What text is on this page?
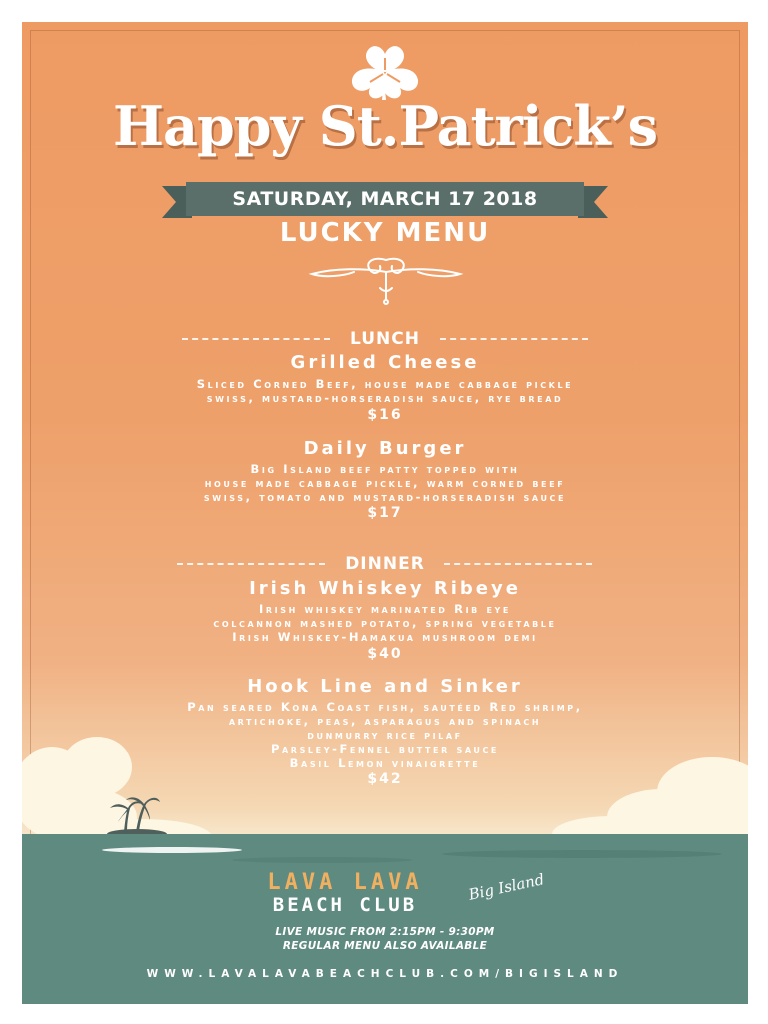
Happy St.Patrick’s
SATURDAY, MARCH 17 2018
LUCKY MENU
LUNCH
Grilled Cheese
Sliced Corned Beef, house made cabbage pickle
swiss, mustard-horseradish sauce, rye bread
$16
Daily Burger
Big Island beef patty topped with
house made cabbage pickle, warm corned beef
swiss, tomato and mustard-horseradish sauce
$17
DINNER
Irish Whiskey Ribeye
Irish whiskey marinated Rib eye
colcannon mashed potato, spring vegetable
Irish Whiskey-Hamakua mushroom demi
$40
Hook Line and Sinker
Pan seared Kona Coast fish, sautéed Red shrimp,
artichoke, peas, asparagus and spinach
dunmurry rice pilaf
Parsley-Fennel butter sauce
Basil Lemon vinaigrette
$42
LAVA LAVA
BEACH CLUB
Big Island
LIVE MUSIC FROM 2:15PM - 9:30PM
REGULAR MENU ALSO AVAILABLE
WWW.LAVALAVABEACHCLUB.COM/BIGISLAND
